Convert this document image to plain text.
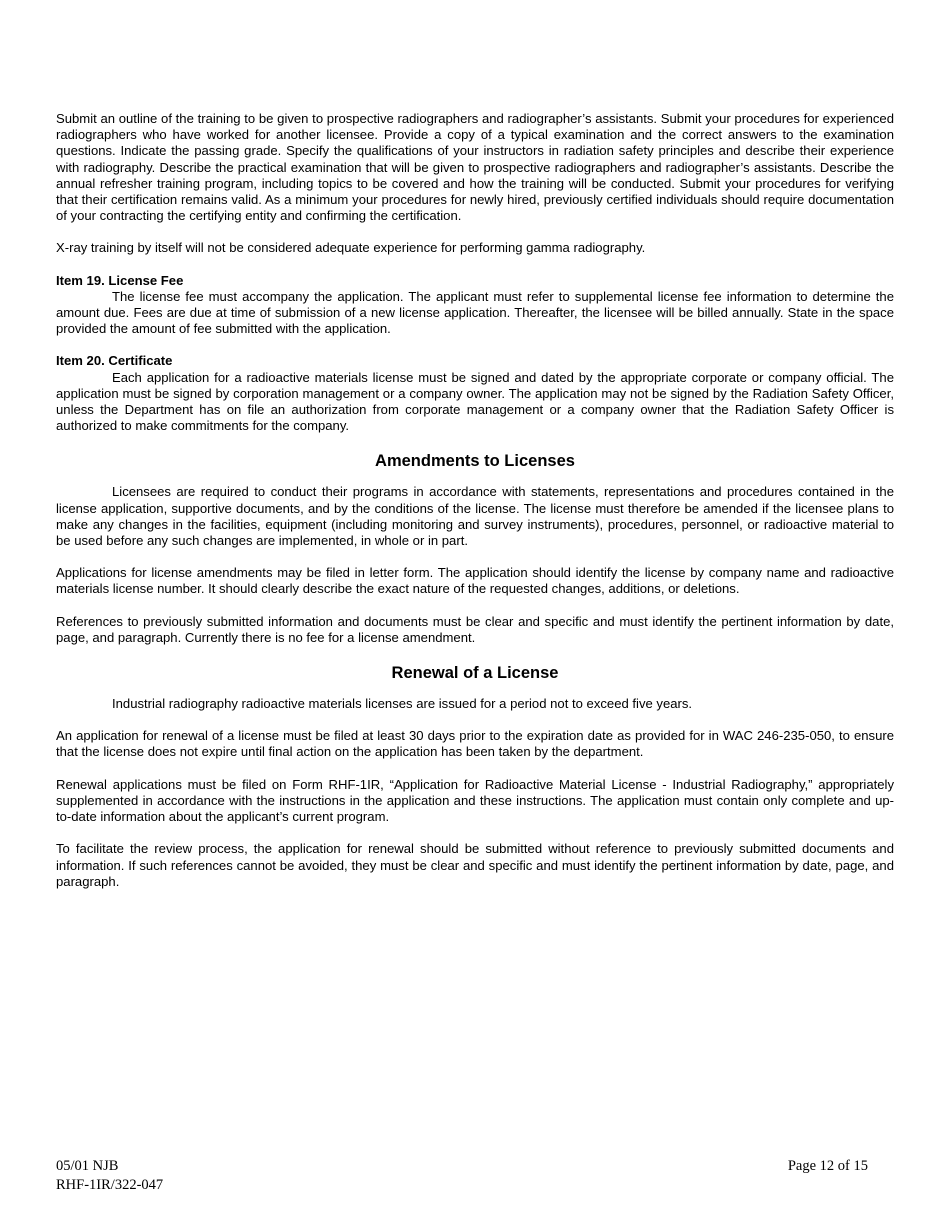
Submit an outline of the training to be given to prospective radiographers and radiographer’s assistants. Submit your procedures for experienced radiographers who have worked for another licensee. Provide a copy of a typical examination and the correct answers to the examination questions. Indicate the passing grade. Specify the qualifications of your instructors in radiation safety principles and describe their experience with radiography. Describe the practical examination that will be given to prospective radiographers and radiographer’s assistants. Describe the annual refresher training program, including topics to be covered and how the training will be conducted. Submit your procedures for verifying that their certification remains valid. As a minimum your procedures for newly hired, previously certified individuals should require documentation of your contracting the certifying entity and confirming the certification.

X-ray training by itself will not be considered adequate experience for performing gamma radiography.

Item 19. License Fee

The license fee must accompany the application. The applicant must refer to supplemental license fee information to determine the amount due. Fees are due at time of submission of a new license application. Thereafter, the licensee will be billed annually. State in the space provided the amount of fee submitted with the application.

Item 20. Certificate

Each application for a radioactive materials license must be signed and dated by the appropriate corporate or company official. The application must be signed by corporation management or a company owner. The application may not be signed by the Radiation Safety Officer, unless the Department has on file an authorization from corporate management or a company owner that the Radiation Safety Officer is authorized to make commitments for the company.

Amendments to Licenses

Licensees are required to conduct their programs in accordance with statements, representations and procedures contained in the license application, supportive documents, and by the conditions of the license. The license must therefore be amended if the licensee plans to make any changes in the facilities, equipment (including monitoring and survey instruments), procedures, personnel, or radioactive material to be used before any such changes are implemented, in whole or in part.

Applications for license amendments may be filed in letter form. The application should identify the license by company name and radioactive materials license number. It should clearly describe the exact nature of the requested changes, additions, or deletions.

References to previously submitted information and documents must be clear and specific and must identify the pertinent information by date, page, and paragraph. Currently there is no fee for a license amendment.

Renewal of a License

Industrial radiography radioactive materials licenses are issued for a period not to exceed five years.

An application for renewal of a license must be filed at least 30 days prior to the expiration date as provided for in WAC 246-235-050, to ensure that the license does not expire until final action on the application has been taken by the department.

Renewal applications must be filed on Form RHF-1IR, “Application for Radioactive Material License - Industrial Radiography,” appropriately supplemented in accordance with the instructions in the application and these instructions. The application must contain only complete and up-to-date information about the applicant’s current program.

To facilitate the review process, the application for renewal should be submitted without reference to previously submitted documents and information. If such references cannot be avoided, they must be clear and specific and must identify the pertinent information by date, page, and paragraph.

05/01 NJB
RHF-1IR/322-047
Page 12 of 15
